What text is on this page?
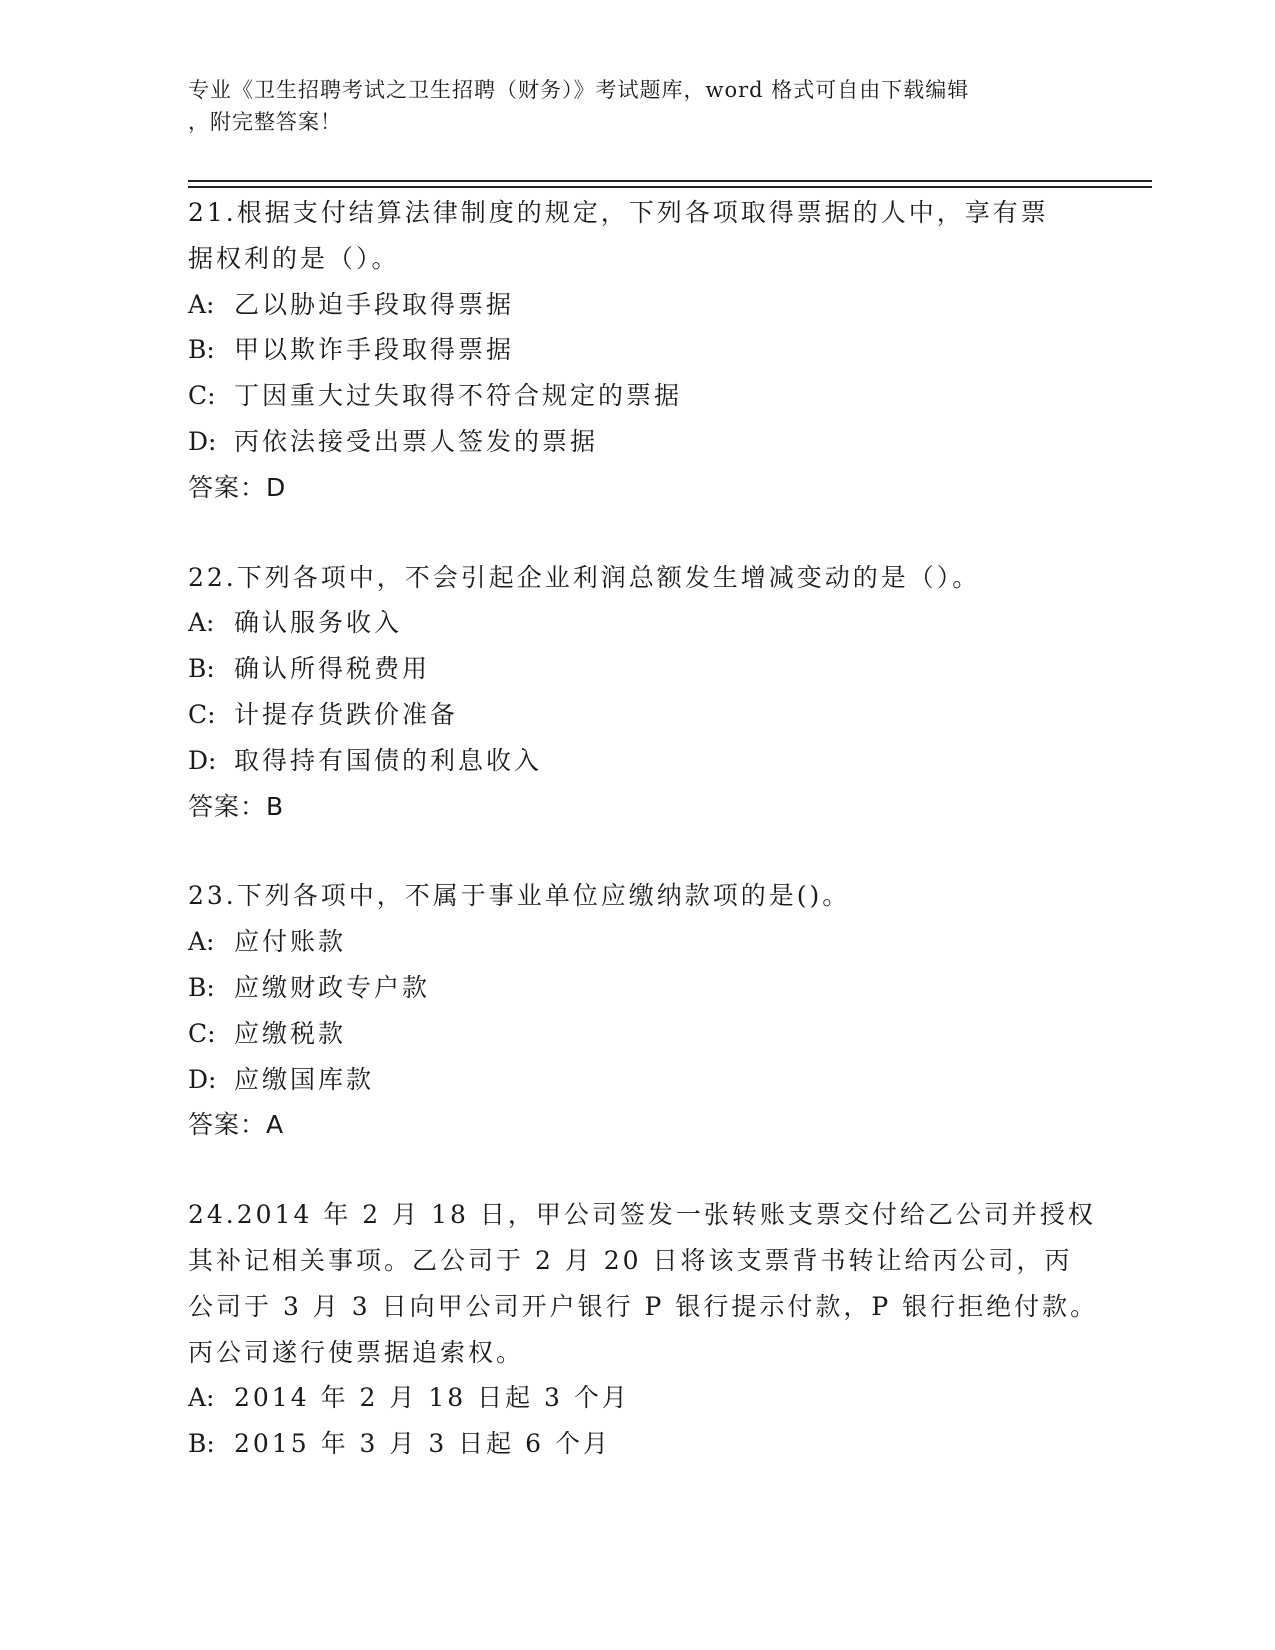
专业《卫生招聘考试之卫生招聘（财务）》考试题库，word 格式可自由下载编辑
，附完整答案！
21.根据支付结算法律制度的规定，下列各项取得票据的人中，享有票
据权利的是（）。
A: 乙以胁迫手段取得票据
B: 甲以欺诈手段取得票据
C: 丁因重大过失取得不符合规定的票据
D: 丙依法接受出票人签发的票据
答案：D
22.下列各项中，不会引起企业利润总额发生增减变动的是（）。
A: 确认服务收入
B: 确认所得税费用
C: 计提存货跌价准备
D: 取得持有国债的利息收入
答案：B
23.下列各项中，不属于事业单位应缴纳款项的是()。
A: 应付账款
B: 应缴财政专户款
C: 应缴税款
D: 应缴国库款
答案：A
24.2014 年 2 月 18 日，甲公司签发一张转账支票交付给乙公司并授权
其补记相关事项。乙公司于 2 月 20 日将该支票背书转让给丙公司，丙
公司于 3 月 3 日向甲公司开户银行 P 银行提示付款，P 银行拒绝付款。
丙公司遂行使票据追索权。
A: 2014 年 2 月 18 日起 3 个月
B: 2015 年 3 月 3 日起 6 个月
